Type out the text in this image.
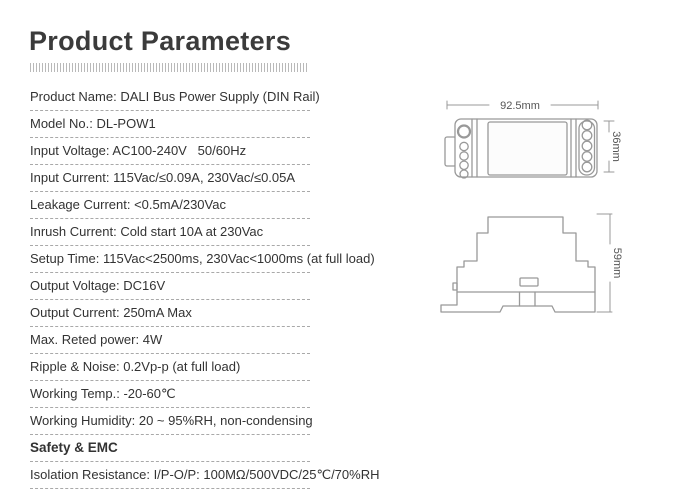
Product Parameters
Product Name: DALI Bus Power Supply (DIN Rail)
Model No.: DL-POW1
Input Voltage: AC100-240V   50/60Hz
Input Current: 115Vac/≤0.09A, 230Vac/≤0.05A
Leakage Current: <0.5mA/230Vac
Inrush Current: Cold start 10A at 230Vac
Setup Time: 115Vac<2500ms, 230Vac<1000ms (at full load)
Output Voltage: DC16V
Output Current: 250mA Max
Max. Reted power: 4W
Ripple & Noise: 0.2Vp-p (at full load)
Working Temp.: -20-60℃
Working Humidity: 20 ~ 95%RH, non-condensing
Safety & EMC
Isolation Resistance: I/P-O/P: 100MΩ/500VDC/25℃/70%RH
92.5mm
36mm
59mm
